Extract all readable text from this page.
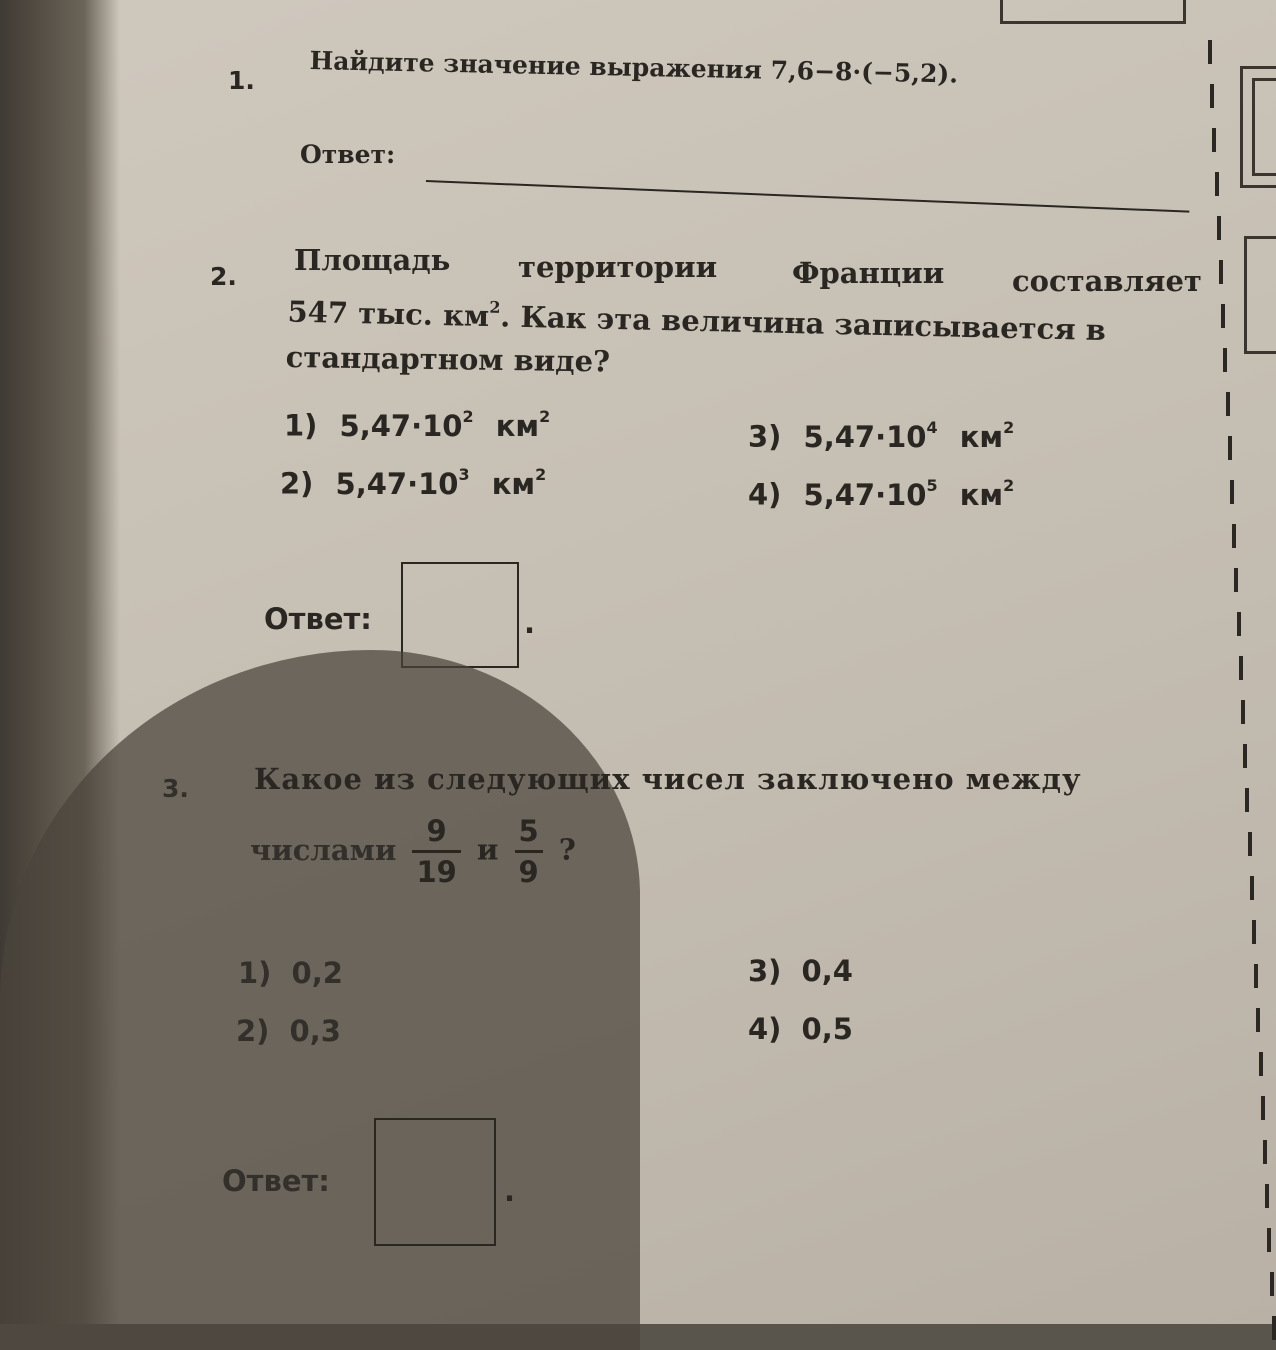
1. Найдите значение выражения 7,6−8·(−5,2).
Ответ:
2. Площадь территории	Франции составляет
547 тыс. $км^2$. Как эта величина записывается в
стандартном виде?
1) $5,47\cdot 10^2$ $км^2$
2) $5,47\cdot 10^3$ $км^2$
3) $5,47\cdot 10^4$ $км^2$
4) $5,47\cdot 10^5$ $км^2$
Ответ:	.
3. Какое из следующих чисел заключено между
числами $\frac{9}{19}$ и $\frac{5}{9}$ ?
1) 0,2
2) 0,3
3) 0,4
4) 0,5
Ответ:	.
